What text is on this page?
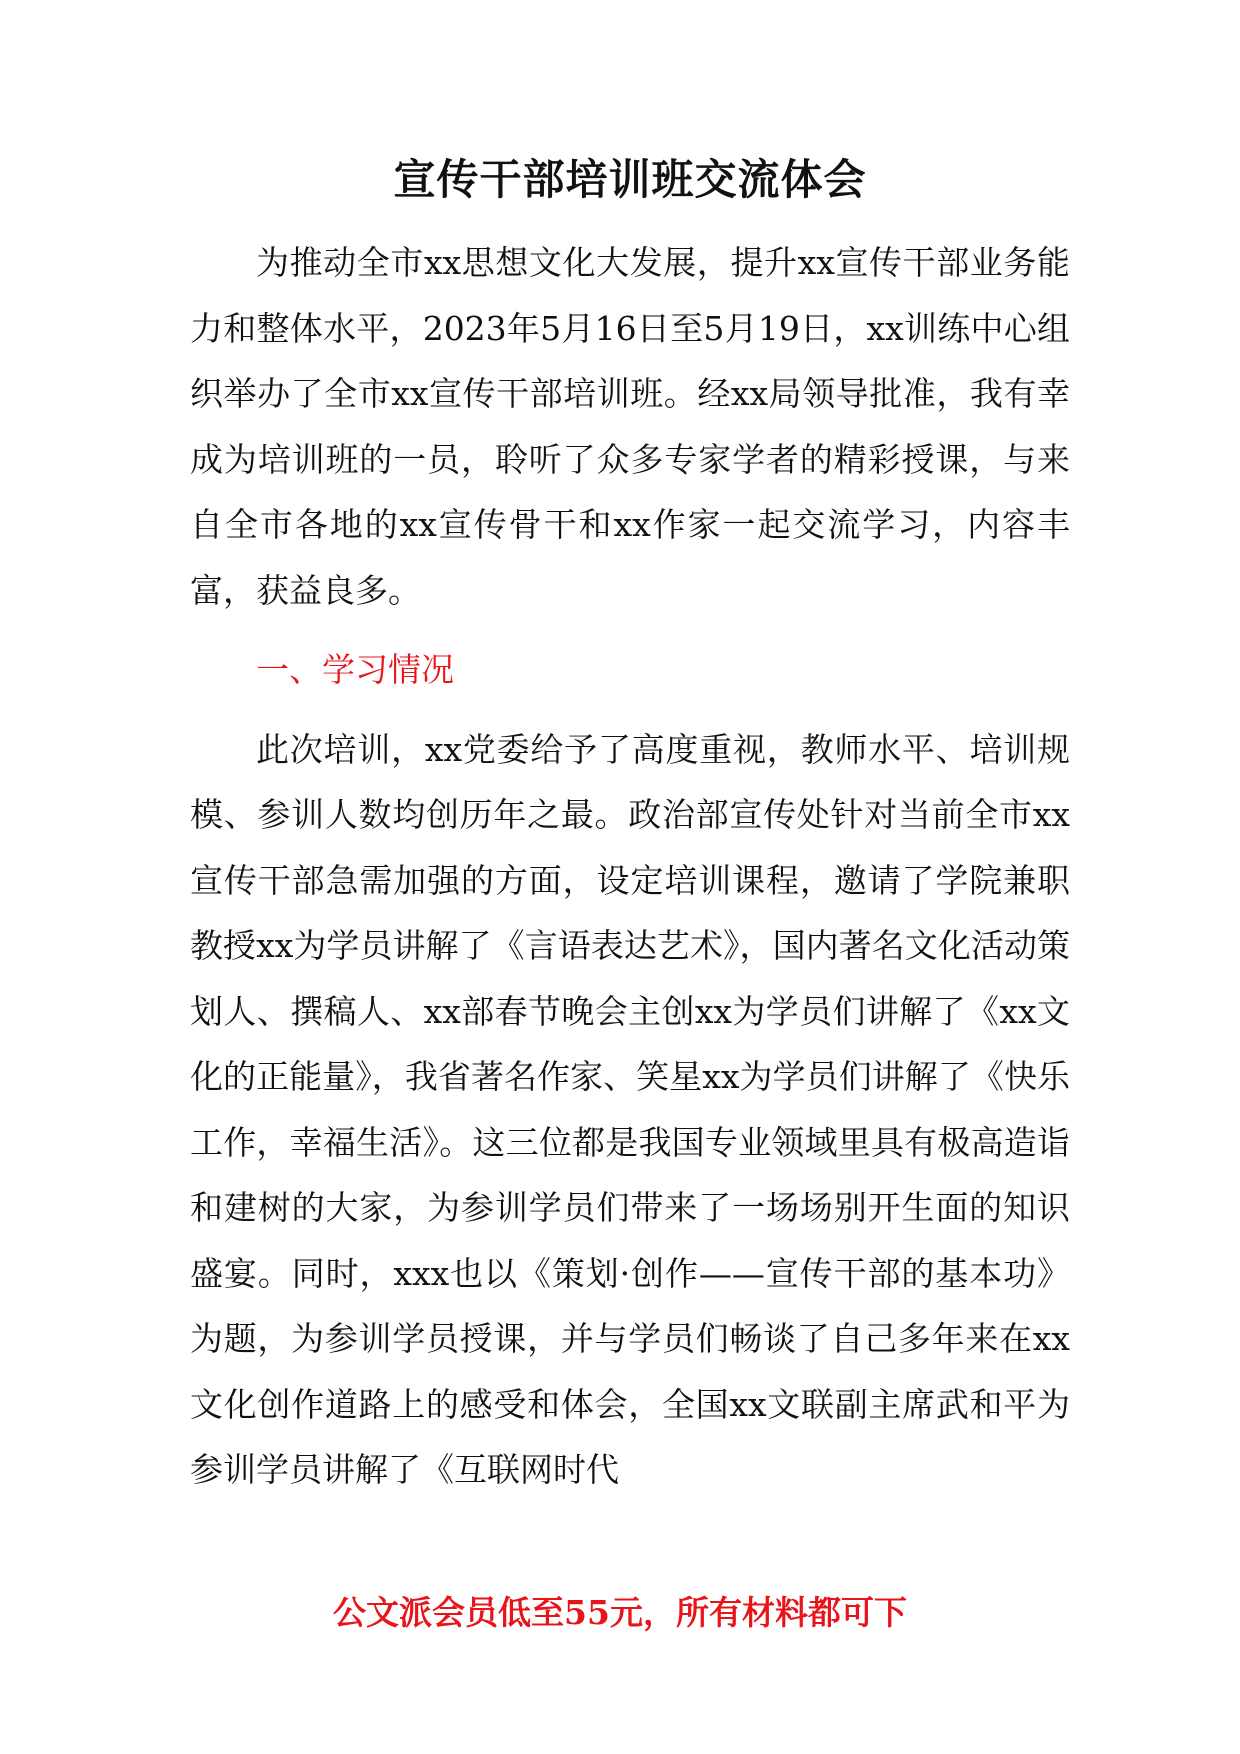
宣传干部培训班交流体会

为推动全市xx思想文化大发展，提升xx宣传干部业务能力和整体水平，2023年5月16日至5月19日，xx训练中心组织举办了全市xx宣传干部培训班。经xx局领导批准，我有幸成为培训班的一员，聆听了众多专家学者的精彩授课，与来自全市各地的xx宣传骨干和xx作家一起交流学习，内容丰富，获益良多。

一、学习情况

此次培训，xx党委给予了高度重视，教师水平、培训规模、参训人数均创历年之最。政治部宣传处针对当前全市xx宣传干部急需加强的方面，设定培训课程，邀请了学院兼职教授xx为学员讲解了《言语表达艺术》，国内著名文化活动策划人、撰稿人、xx部春节晚会主创xx为学员们讲解了《xx文化的正能量》，我省著名作家、笑星xx为学员们讲解了《快乐工作，幸福生活》。这三位都是我国专业领域里具有极高造诣和建树的大家，为参训学员们带来了一场场别开生面的知识盛宴。同时，xxx也以《策划·创作——宣传干部的基本功》为题，为参训学员授课，并与学员们畅谈了自己多年来在xx文化创作道路上的感受和体会，全国xx文联副主席武和平为参训学员讲解了《互联网时代

公文派会员低至55元，所有材料都可下
